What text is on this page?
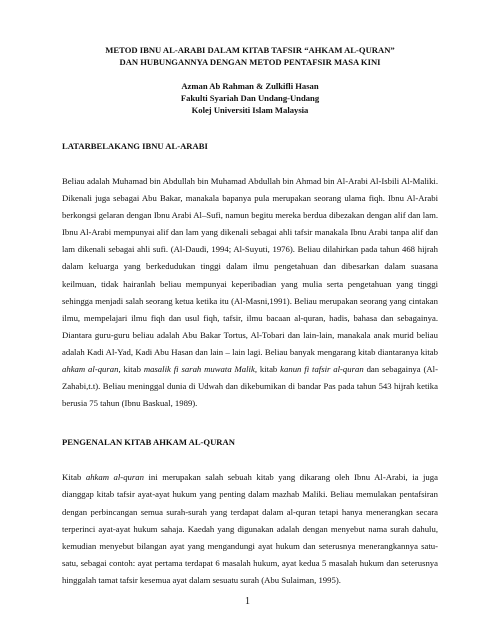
METOD IBNU AL-ARABI DALAM KITAB TAFSIR “AHKAM AL-QURAN”

DAN HUBUNGANNYA DENGAN METOD PENTAFSIR MASA KINI

Azman Ab Rahman & Zulkifli Hasan
Fakulti Syariah Dan Undang-Undang
Kolej Universiti Islam Malaysia

LATARBELAKANG IBNU AL-ARABI

Beliau adalah Muhamad bin Abdullah bin Muhamad Abdullah bin Ahmad bin Al-Arabi Al-Isbili Al-Maliki. Dikenali juga sebagai Abu Bakar, manakala bapanya pula merupakan seorang ulama fiqh. Ibnu Al-Arabi berkongsi gelaran dengan Ibnu Arabi Al–Sufi, namun begitu mereka berdua dibezakan dengan alif dan lam. Ibnu Al-Arabi mempunyai alif dan lam yang dikenali sebagai ahli tafsir manakala Ibnu Arabi tanpa alif dan lam dikenali sebagai ahli sufi. (Al-Daudi, 1994; Al-Suyuti, 1976). Beliau dilahirkan pada tahun 468 hijrah dalam keluarga yang berkedudukan tinggi dalam ilmu pengetahuan dan dibesarkan dalam suasana keilmuan, tidak hairanlah beliau mempunyai keperibadian yang mulia serta pengetahuan yang tinggi sehingga menjadi salah seorang ketua ketika itu (Al-Masni,1991). Beliau merupakan seorang yang cintakan ilmu, mempelajari ilmu fiqh dan usul fiqh, tafsir, ilmu bacaan al-quran, hadis, bahasa dan sebagainya. Diantara guru-guru beliau adalah Abu Bakar Tortus, Al-Tobari dan lain-lain, manakala anak murid beliau adalah Kadi Al-Yad, Kadi Abu Hasan dan lain – lain lagi. Beliau banyak mengarang kitab diantaranya kitab ahkam al-quran, kitab masalik fi sarah muwata Malik, kitab kanun fi tafsir al-quran dan sebagainya (Al-Zahabi,t.t). Beliau meninggal dunia di Udwah dan dikebumikan di bandar Pas pada tahun 543 hijrah ketika berusia 75 tahun (Ibnu Baskual, 1989).

PENGENALAN KITAB AHKAM AL-QURAN

Kitab ahkam al-quran ini merupakan salah sebuah kitab yang dikarang oleh Ibnu Al-Arabi, ia juga dianggap kitab tafsir ayat-ayat hukum yang penting dalam mazhab Maliki. Beliau memulakan pentafsiran dengan perbincangan semua surah-surah yang terdapat dalam al-quran tetapi hanya menerangkan secara terperinci ayat-ayat hukum sahaja. Kaedah yang digunakan adalah dengan menyebut nama surah dahulu, kemudian menyebut bilangan ayat yang mengandungi ayat hukum dan seterusnya menerangkannya satu-satu, sebagai contoh: ayat pertama terdapat 6 masalah hukum, ayat kedua 5 masalah hukum dan seterusnya hinggalah tamat tafsir kesemua ayat dalam sesuatu surah (Abu Sulaiman, 1995).

1
